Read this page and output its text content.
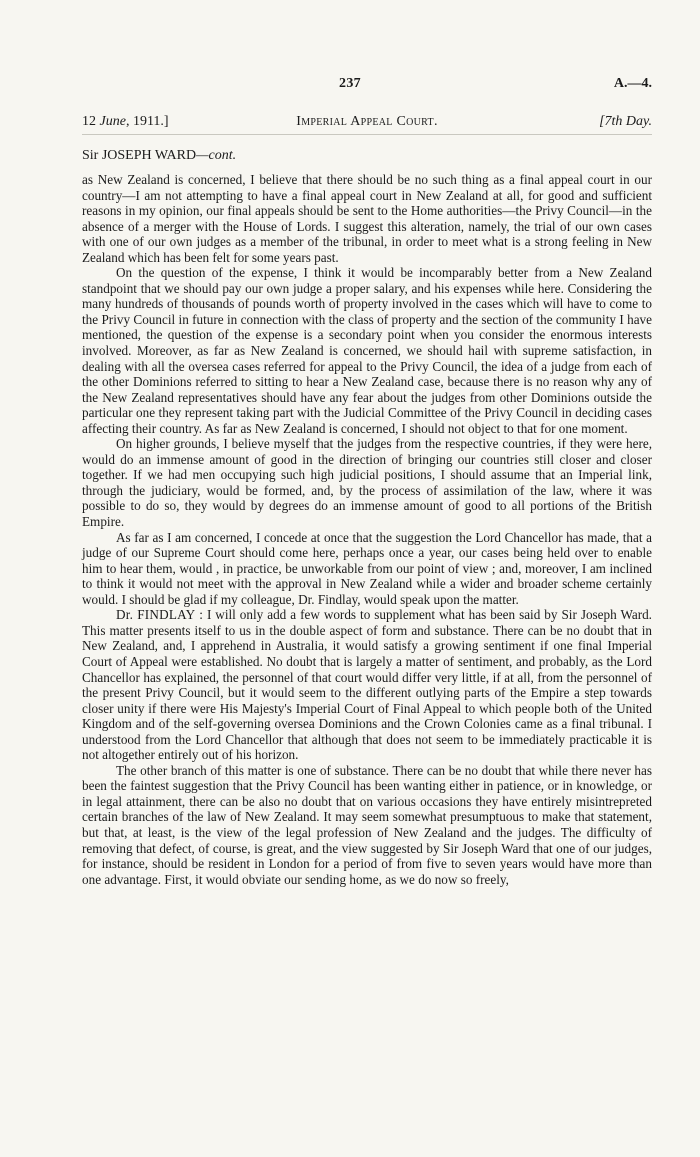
237	A.—4.
12 June, 1911.]	Imperial Appeal Court.	[7th Day.
Sir JOSEPH WARD—cont.

as New Zealand is concerned, I believe that there should be no such thing as a final appeal court in our country—I am not attempting to have a final appeal court in New Zealand at all, for good and sufficient reasons in my opinion, our final appeals should be sent to the Home authorities—the Privy Council—in the absence of a merger with the House of Lords. I suggest this alteration, namely, the trial of our own cases with one of our own judges as a member of the tribunal, in order to meet what is a strong feeling in New Zealand which has been felt for some years past.

On the question of the expense, I think it would be incomparably better from a New Zealand standpoint that we should pay our own judge a proper salary, and his expenses while here. Considering the many hundreds of thousands of pounds worth of property involved in the cases which will have to come to the Privy Council in future in connection with the class of property and the section of the community I have mentioned, the question of the expense is a secondary point when you consider the enormous interests involved. Moreover, as far as New Zealand is concerned, we should hail with supreme satisfaction, in dealing with all the oversea cases referred for appeal to the Privy Council, the idea of a judge from each of the other Dominions referred to sitting to hear a New Zealand case, because there is no reason why any of the New Zealand representatives should have any fear about the judges from other Dominions outside the particular one they represent taking part with the Judicial Committee of the Privy Council in deciding cases affecting their country. As far as New Zealand is concerned, I should not object to that for one moment.

On higher grounds, I believe myself that the judges from the respective countries, if they were here, would do an immense amount of good in the direction of bringing our countries still closer and closer together. If we had men occupying such high judicial positions, I should assume that an Imperial link, through the judiciary, would be formed, and, by the process of assimilation of the law, where it was possible to do so, they would by degrees do an immense amount of good to all portions of the British Empire.

As far as I am concerned, I concede at once that the suggestion the Lord Chancellor has made, that a judge of our Supreme Court should come here, perhaps once a year, our cases being held over to enable him to hear them, would , in practice, be unworkable from our point of view ; and, moreover, I am inclined to think it would not meet with the approval in New Zealand while a wider and broader scheme certainly would. I should be glad if my colleague, Dr. Findlay, would speak upon the matter.

Dr. FINDLAY : I will only add a few words to supplement what has been said by Sir Joseph Ward. This matter presents itself to us in the double aspect of form and substance. There can be no doubt that in New Zealand, and, I apprehend in Australia, it would satisfy a growing sentiment if one final Imperial Court of Appeal were established. No doubt that is largely a matter of sentiment, and probably, as the Lord Chancellor has explained, the personnel of that court would differ very little, if at all, from the personnel of the present Privy Council, but it would seem to the different outlying parts of the Empire a step towards closer unity if there were His Majesty's Imperial Court of Final Appeal to which people both of the United Kingdom and of the self-governing oversea Dominions and the Crown Colonies came as a final tribunal. I understood from the Lord Chancellor that although that does not seem to be immediately practicable it is not altogether entirely out of his horizon.

The other branch of this matter is one of substance. There can be no doubt that while there never has been the faintest suggestion that the Privy Council has been wanting either in patience, or in knowledge, or in legal attainment, there can be also no doubt that on various occasions they have entirely misintrepreted certain branches of the law of New Zealand. It may seem somewhat presumptuous to make that statement, but that, at least, is the view of the legal profession of New Zealand and the judges. The difficulty of removing that defect, of course, is great, and the view suggested by Sir Joseph Ward that one of our judges, for instance, should be resident in London for a period of from five to seven years would have more than one advantage. First, it would obviate our sending home, as we do now so freely,
